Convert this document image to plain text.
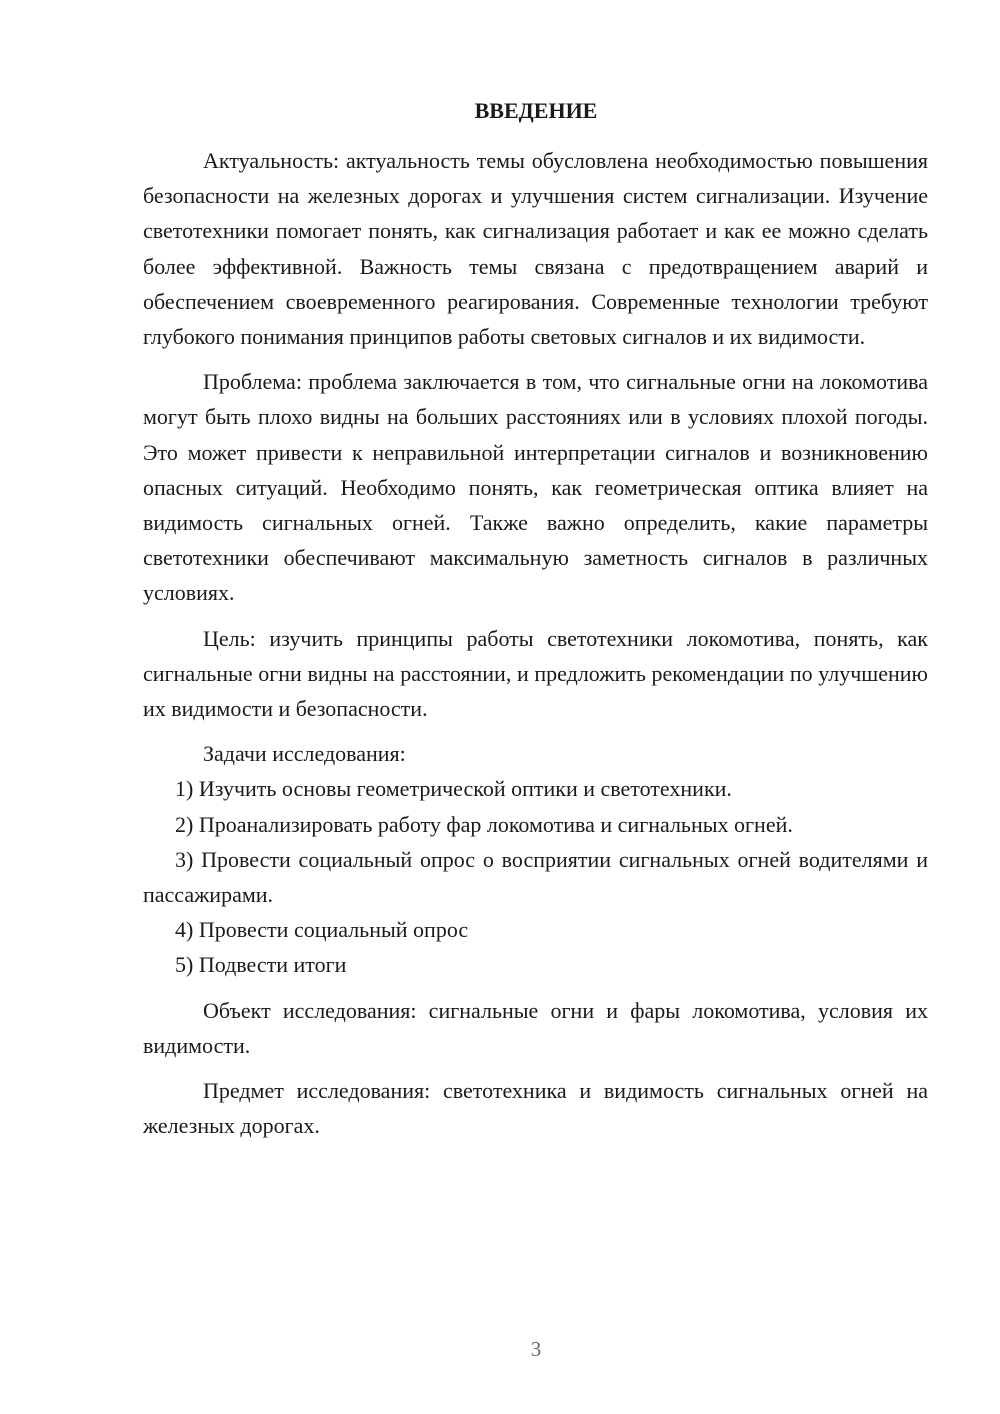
ВВЕДЕНИЕ

Актуальность: актуальность темы обусловлена необходимостью повышения безопасности на железных дорогах и улучшения систем сигнализации. Изучение светотехники помогает понять, как сигнализация работает и как ее можно сделать более эффективной. Важность темы связана с предотвращением аварий и обеспечением своевременного реагирования. Современные технологии требуют глубокого понимания принципов работы световых сигналов и их видимости.

Проблема: проблема заключается в том, что сигнальные огни на локомотива могут быть плохо видны на больших расстояниях или в условиях плохой погоды. Это может привести к неправильной интерпретации сигналов и возникновению опасных ситуаций. Необходимо понять, как геометрическая оптика влияет на видимость сигнальных огней. Также важно определить, какие параметры светотехники обеспечивают максимальную заметность сигналов в различных условиях.

Цель: изучить принципы работы светотехники локомотива, понять, как сигнальные огни видны на расстоянии, и предложить рекомендации по улучшению их видимости и безопасности.

Задачи исследования:

1) Изучить основы геометрической оптики и светотехники.

2) Проанализировать работу фар локомотива и сигнальных огней.

3) Провести социальный опрос о восприятии сигнальных огней водителями и пассажирами.

4) Провести социальный опрос

5) Подвести итоги

Объект исследования: сигнальные огни и фары локомотива, условия их видимости.

Предмет исследования: светотехника и видимость сигнальных огней на железных дорогах.

3
